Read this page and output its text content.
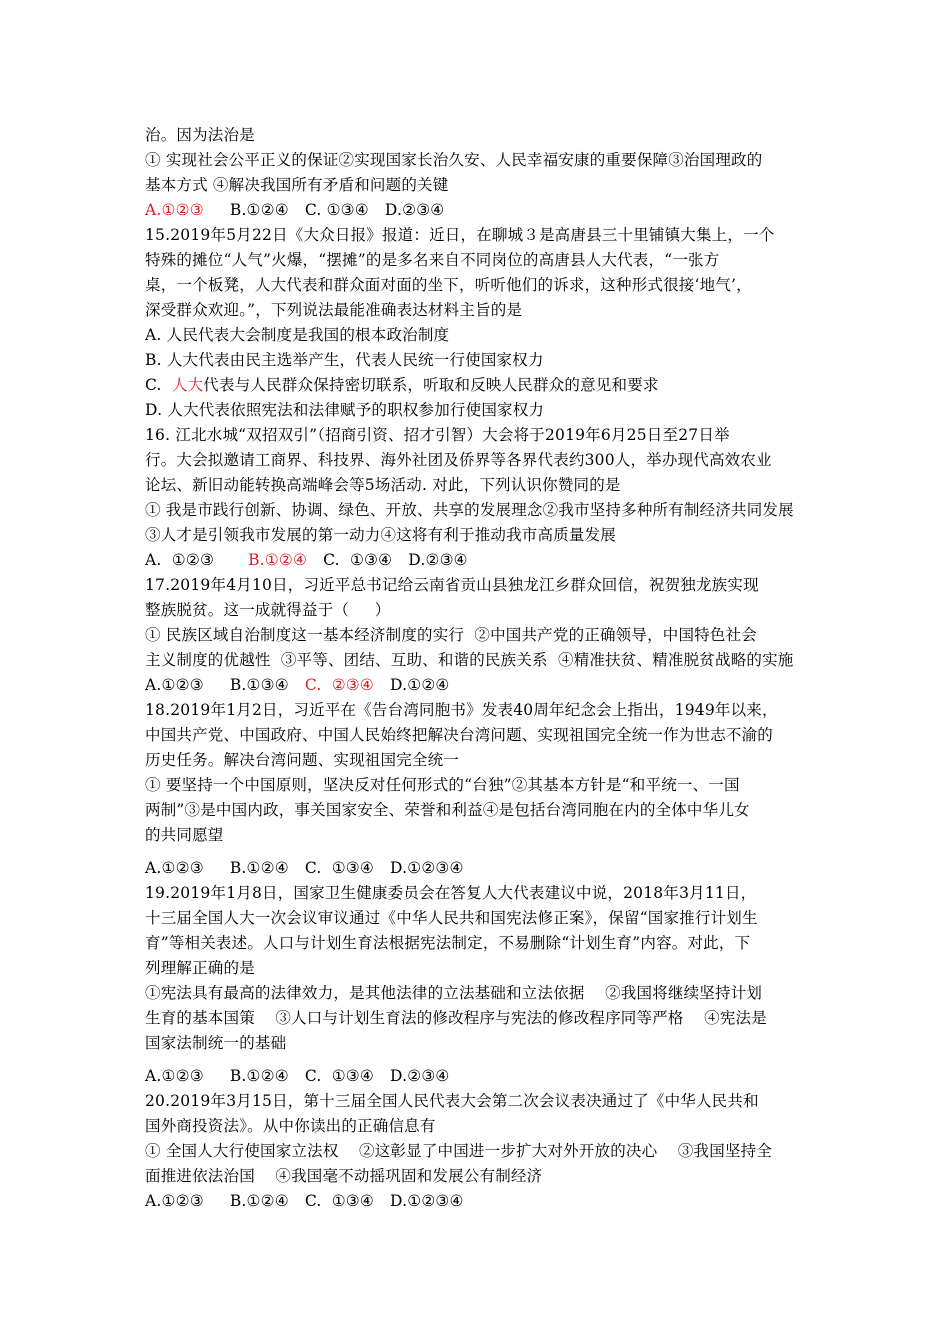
治。因为法治是
① 实现社会公平正义的保证②实现国家长治久安、人民幸福安康的重要保障③治国理政的
基本方式 ④解决我国所有矛盾和问题的关键
A.①②③ B.①②④ C. ①③④ D.②③④
15.2019年5月22日《大众日报》报道：近日，在聊城３是高唐县三十里铺镇大集上，一个
特殊的摊位“人气”火爆，“摆摊”的是多名来自不同岗位的高唐县人大代表，“一张方
桌，一个板凳，人大代表和群众面对面的坐下，听听他们的诉求，这种形式很接‘地气’，
深受群众欢迎。”，下列说法最能准确表达材料主旨的是
A. 人民代表大会制度是我国的根本政治制度
B. 人大代表由民主选举产生，代表人民统一行使国家权力
C.  人大代表与人民群众保持密切联系，听取和反映人民群众的意见和要求
D. 人大代表依照宪法和法律赋予的职权参加行使国家权力
16. 江北水城“双招双引”（招商引资、招才引智）大会将于2019年6月25日至27日举
行。大会拟邀请工商界、科技界、海外社团及侨界等各界代表约300人，举办现代高效农业
论坛、新旧动能转换高端峰会等5场活动. 对此，下列认识你赞同的是
① 我是市践行创新、协调、绿色、开放、共享的发展理念②我市坚持多种所有制经济共同发展
③人才是引领我市发展的第一动力④这将有利于推动我市高质量发展
A.  ①②③ B.①②④ C.  ①③④ D.②③④
17.2019年4月10日，习近平总书记给云南省贡山县独龙江乡群众回信，祝贺独龙族实现
整族脱贫。这一成就得益于（     ）
① 民族区域自治制度这一基本经济制度的实行  ②中国共产党的正确领导，中国特色社会
主义制度的优越性  ③平等、团结、互助、和谐的民族关系  ④精准扶贫、精准脱贫战略的实施
A.①②③ B.①③④ C.  ②③④ D.①②④
18.2019年1月2日，习近平在《告台湾同胞书》发表40周年纪念会上指出，1949年以来，
中国共产党、中国政府、中国人民始终把解决台湾问题、实现祖国完全统一作为世志不渝的
历史任务。解决台湾问题、实现祖国完全统一
① 要坚持一个中国原则，坚决反对任何形式的“台独”②其基本方针是“和平统一、一国
两制”③是中国内政，事关国家安全、荣誉和利益④是包括台湾同胞在内的全体中华儿女
的共同愿望
A.①②③ B.①②④ C.  ①③④ D.①②③④
19.2019年1月8日，国家卫生健康委员会在答复人大代表建议中说，2018年3月11日，
十三届全国人大一次会议审议通过《中华人民共和国宪法修正案》，保留“国家推行计划生
育”等相关表述。人口与计划生育法根据宪法制定，不易删除“计划生育”内容。对此，下
列理解正确的是
①宪法具有最高的法律效力，是其他法律的立法基础和立法依据    ②我国将继续坚持计划
生育的基本国策    ③人口与计划生育法的修改程序与宪法的修改程序同等严格    ④宪法是
国家法制统一的基础
A.①②③ B.①②④ C.  ①③④ D.②③④
20.2019年3月15日，第十三届全国人民代表大会第二次会议表决通过了《中华人民共和
国外商投资法》。从中你读出的正确信息有
① 全国人大行使国家立法权    ②这彰显了中国进一步扩大对外开放的决心    ③我国坚持全
面推进依法治国    ④我国毫不动摇巩固和发展公有制经济
A.①②③ B.①②④ C.  ①③④ D.①②③④
